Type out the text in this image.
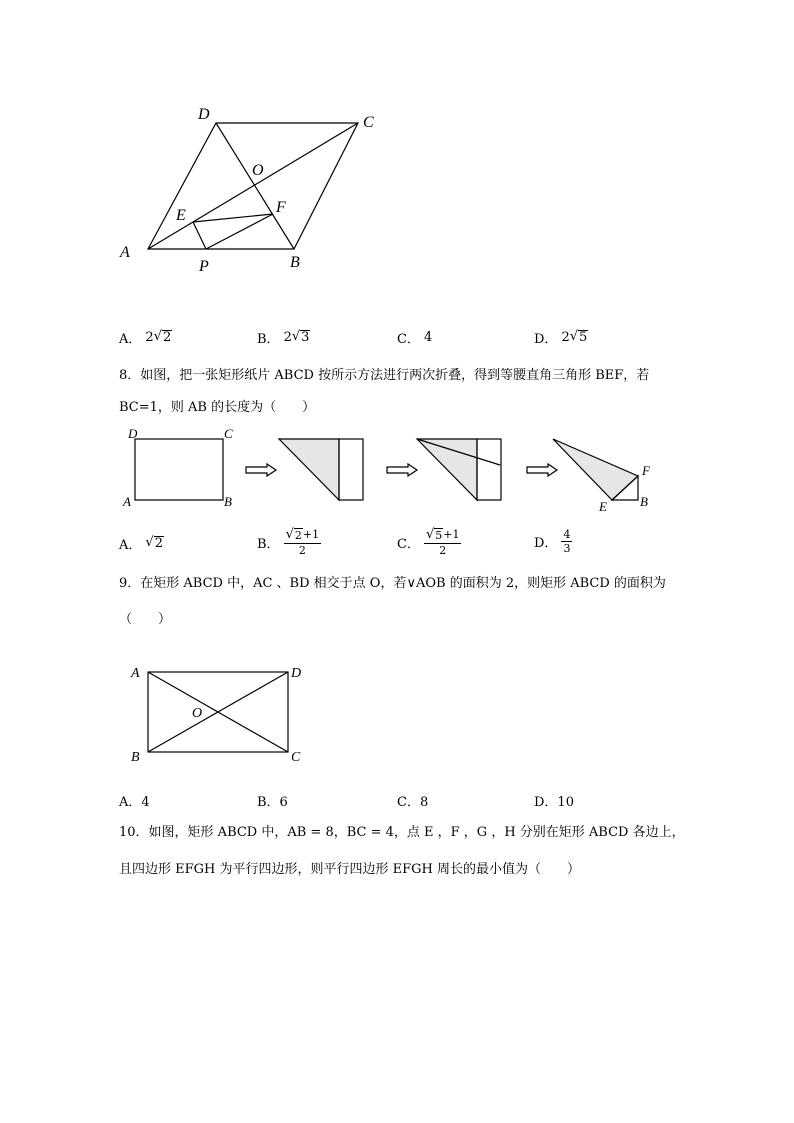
A
B
C
D
O
E	F
P
A． 2 √ 2	B． 2 √ 3	C． 4	D． 2 √ 5
8．如图，把一张矩形纸片 ABCD 按所示方法进行两次折叠，得到等腰直角三角形 BEF，若
BC=1，则 AB 的长度为（　　）
D	C
A	B
F
E	B
A． √ 2	B． $\frac{√ 2 +1}{2}$	C． $\frac{√ 5 +1}{2}$	D． $\frac{4}{3}$
9．在矩形 ABCD 中，AC 、BD 相交于点 O，若∨AOB 的面积为 2，则矩形 ABCD 的面积为
（　　）
A	D
B	C
O
A．4	B．6	C．8	D．10
10．如图，矩形 ABCD 中，AB = 8，BC = 4，点 E ，F ，G ，H 分别在矩形 ABCD 各边上，
且四边形 EFGH 为平行四边形，则平行四边形 EFGH 周长的最小值为（　　）
